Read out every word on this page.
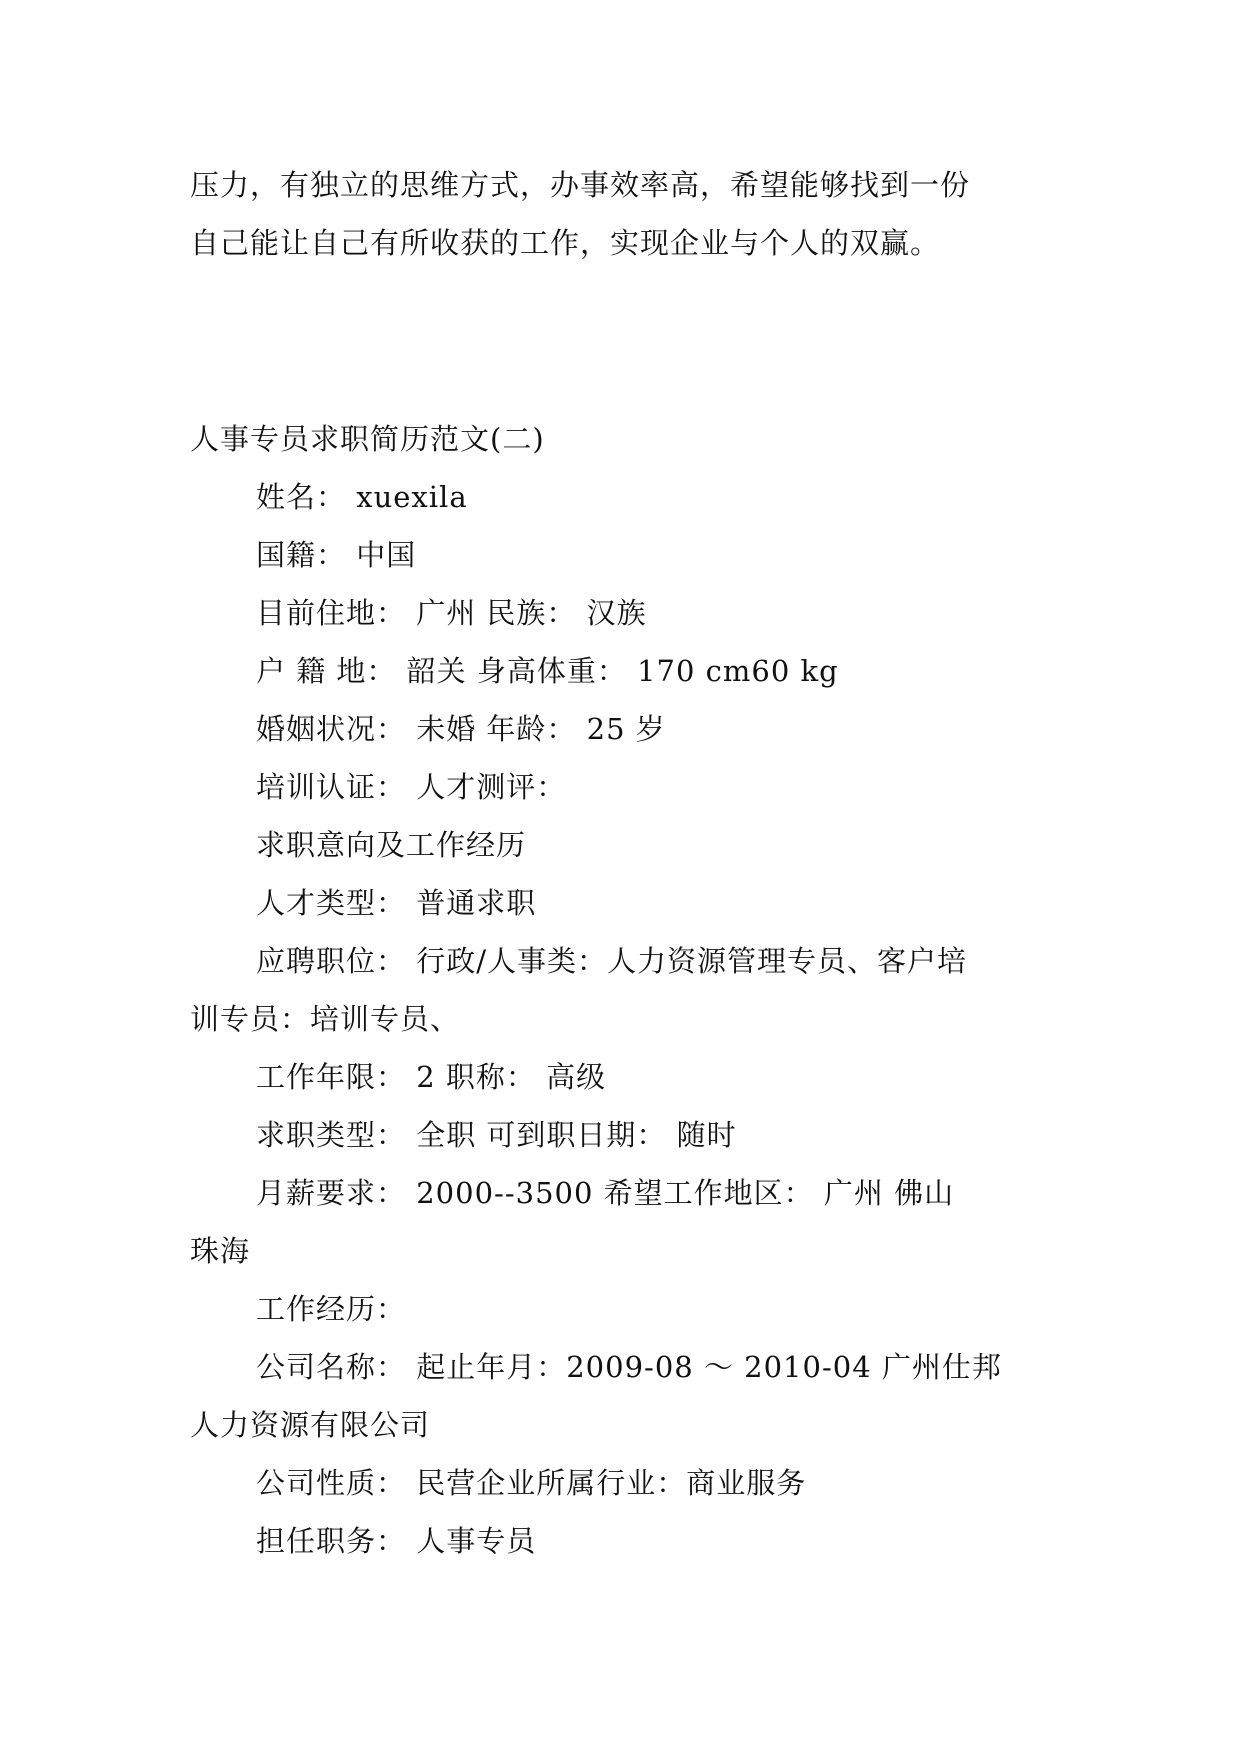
压力，有独立的思维方式，办事效率高，希望能够找到一份
自己能让自己有所收获的工作，实现企业与个人的双赢。
人事专员求职简历范文(二)
姓名： xuexila
国籍： 中国
目前住地： 广州 民族： 汉族
户 籍 地： 韶关 身高体重： 170 cm60 kg
婚姻状况： 未婚 年龄： 25 岁
培训认证： 人才测评：
求职意向及工作经历
人才类型： 普通求职
应聘职位： 行政/人事类：人力资源管理专员、客户培
训专员：培训专员、
工作年限： 2 职称： 高级
求职类型： 全职 可到职日期： 随时
月薪要求： 2000--3500 希望工作地区： 广州 佛山
珠海
工作经历：
公司名称： 起止年月：2009-08 ～ 2010-04 广州仕邦
人力资源有限公司
公司性质： 民营企业所属行业：商业服务
担任职务： 人事专员
